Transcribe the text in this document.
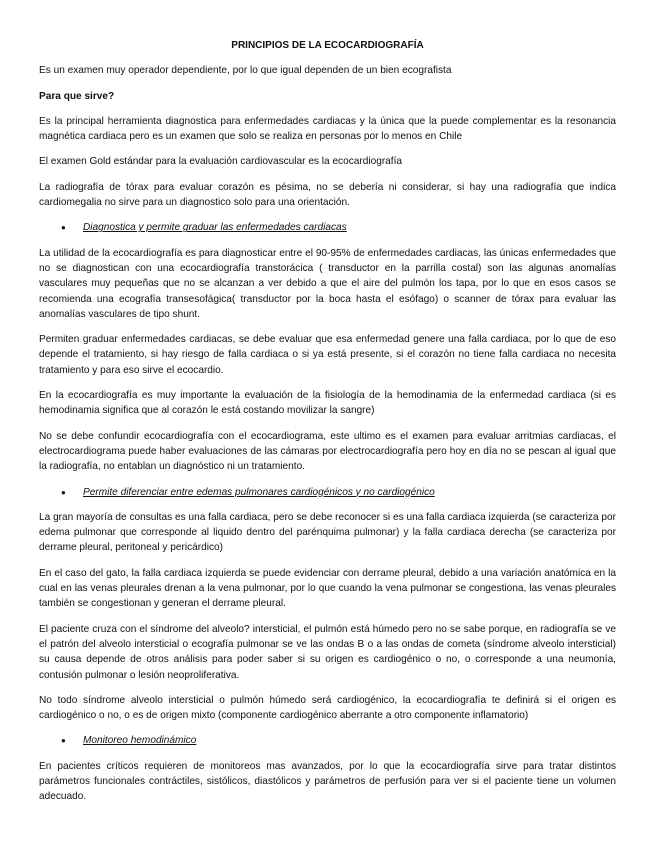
PRINCIPIOS DE LA ECOCARDIOGRAFÍA

Es un examen muy operador dependiente, por lo que igual dependen de un bien ecografista

Para que sirve?

Es la principal herramienta diagnostica para enfermedades cardiacas y la única que la puede complementar es la resonancia magnética cardiaca pero es un examen que solo se realiza en personas por lo menos en Chile

El examen Gold estándar para la evaluación cardiovascular es la ecocardiografía

La radiografía de tórax para evaluar corazón es pésima, no se debería ni considerar, si hay una radiografía que indica cardiomegalia no sirve para un diagnostico solo para una orientación.

●	Diagnostica y permite graduar las enfermedades cardiacas

La utilidad de la ecocardiografía es para diagnosticar entre el 90-95% de enfermedades cardiacas, las únicas enfermedades que no se diagnostican con una ecocardiografía transtorácica ( transductor en la parrilla costal) son las algunas anomalías vasculares muy pequeñas que no se alcanzan a ver debido a que el aire del pulmón los tapa, por lo que en esos casos se recomienda una ecografía transesofágica( transductor por la boca hasta el esófago) o scanner de tórax para evaluar las anomalías vasculares de tipo shunt.

Permiten graduar enfermedades cardiacas, se debe evaluar que esa enfermedad genere una falla cardiaca, por lo que de eso depende el tratamiento, si hay riesgo de falla cardiaca o si ya está presente, si el corazón no tiene falla cardiaca no necesita tratamiento y para eso sirve el ecocardio.

En la ecocardiografía es muy importante la evaluación de la fisiología de la hemodinamia de la enfermedad cardiaca (si es hemodinamia significa que al corazón le está costando movilizar la sangre)

No se debe confundir ecocardiografía con el ecocardiograma, este ultimo es el examen para evaluar arritmias cardiacas, el electrocardiograma puede haber evaluaciones de las cámaras por electrocardiografía pero hoy en día no se pescan al igual que la radiografía, no entablan un diagnóstico ni un tratamiento.

●	Permite diferenciar entre edemas pulmonares cardiogénicos y no cardiogénico

La gran mayoría de consultas es una falla cardiaca, pero se debe reconocer si es una falla cardiaca izquierda (se caracteriza por edema pulmonar que corresponde al liquido dentro del parénquima pulmonar) y la falla cardiaca derecha (se caracteriza por derrame pleural, peritoneal y pericárdico)

En el caso del gato, la falla cardiaca izquierda se puede evidenciar con derrame pleural, debido a una variación anatómica en la cual en las venas pleurales drenan a la vena pulmonar, por lo que cuando la vena pulmonar se congestiona, las venas pleurales también se congestionan y generan el derrame pleural.

El paciente cruza con el síndrome del alveolo? intersticial, el pulmón está húmedo pero no se sabe porque, en radiografía se ve el patrón del alveolo intersticial o ecografía pulmonar se ve las ondas B o a las ondas de cometa (síndrome alveolo intersticial) su causa depende de otros análisis para poder saber si su origen es cardiogénico o no, o corresponde a una neumonía, contusión pulmonar o lesión neoproliferativa.

No todo síndrome alveolo intersticial o pulmón húmedo será cardiogénico, la ecocardiografía te definirá si el origen es cardiogénico o no, o es de origen mixto (componente cardiogénico aberrante a otro componente inflamatorio)

●	Monitoreo hemodinámico

En pacientes críticos requieren de monitoreos mas avanzados, por lo que la ecocardiografía sirve para tratar distintos parámetros funcionales contráctiles, sistólicos, diastólicos y parámetros de perfusión para ver si el paciente tiene un volumen adecuado.
